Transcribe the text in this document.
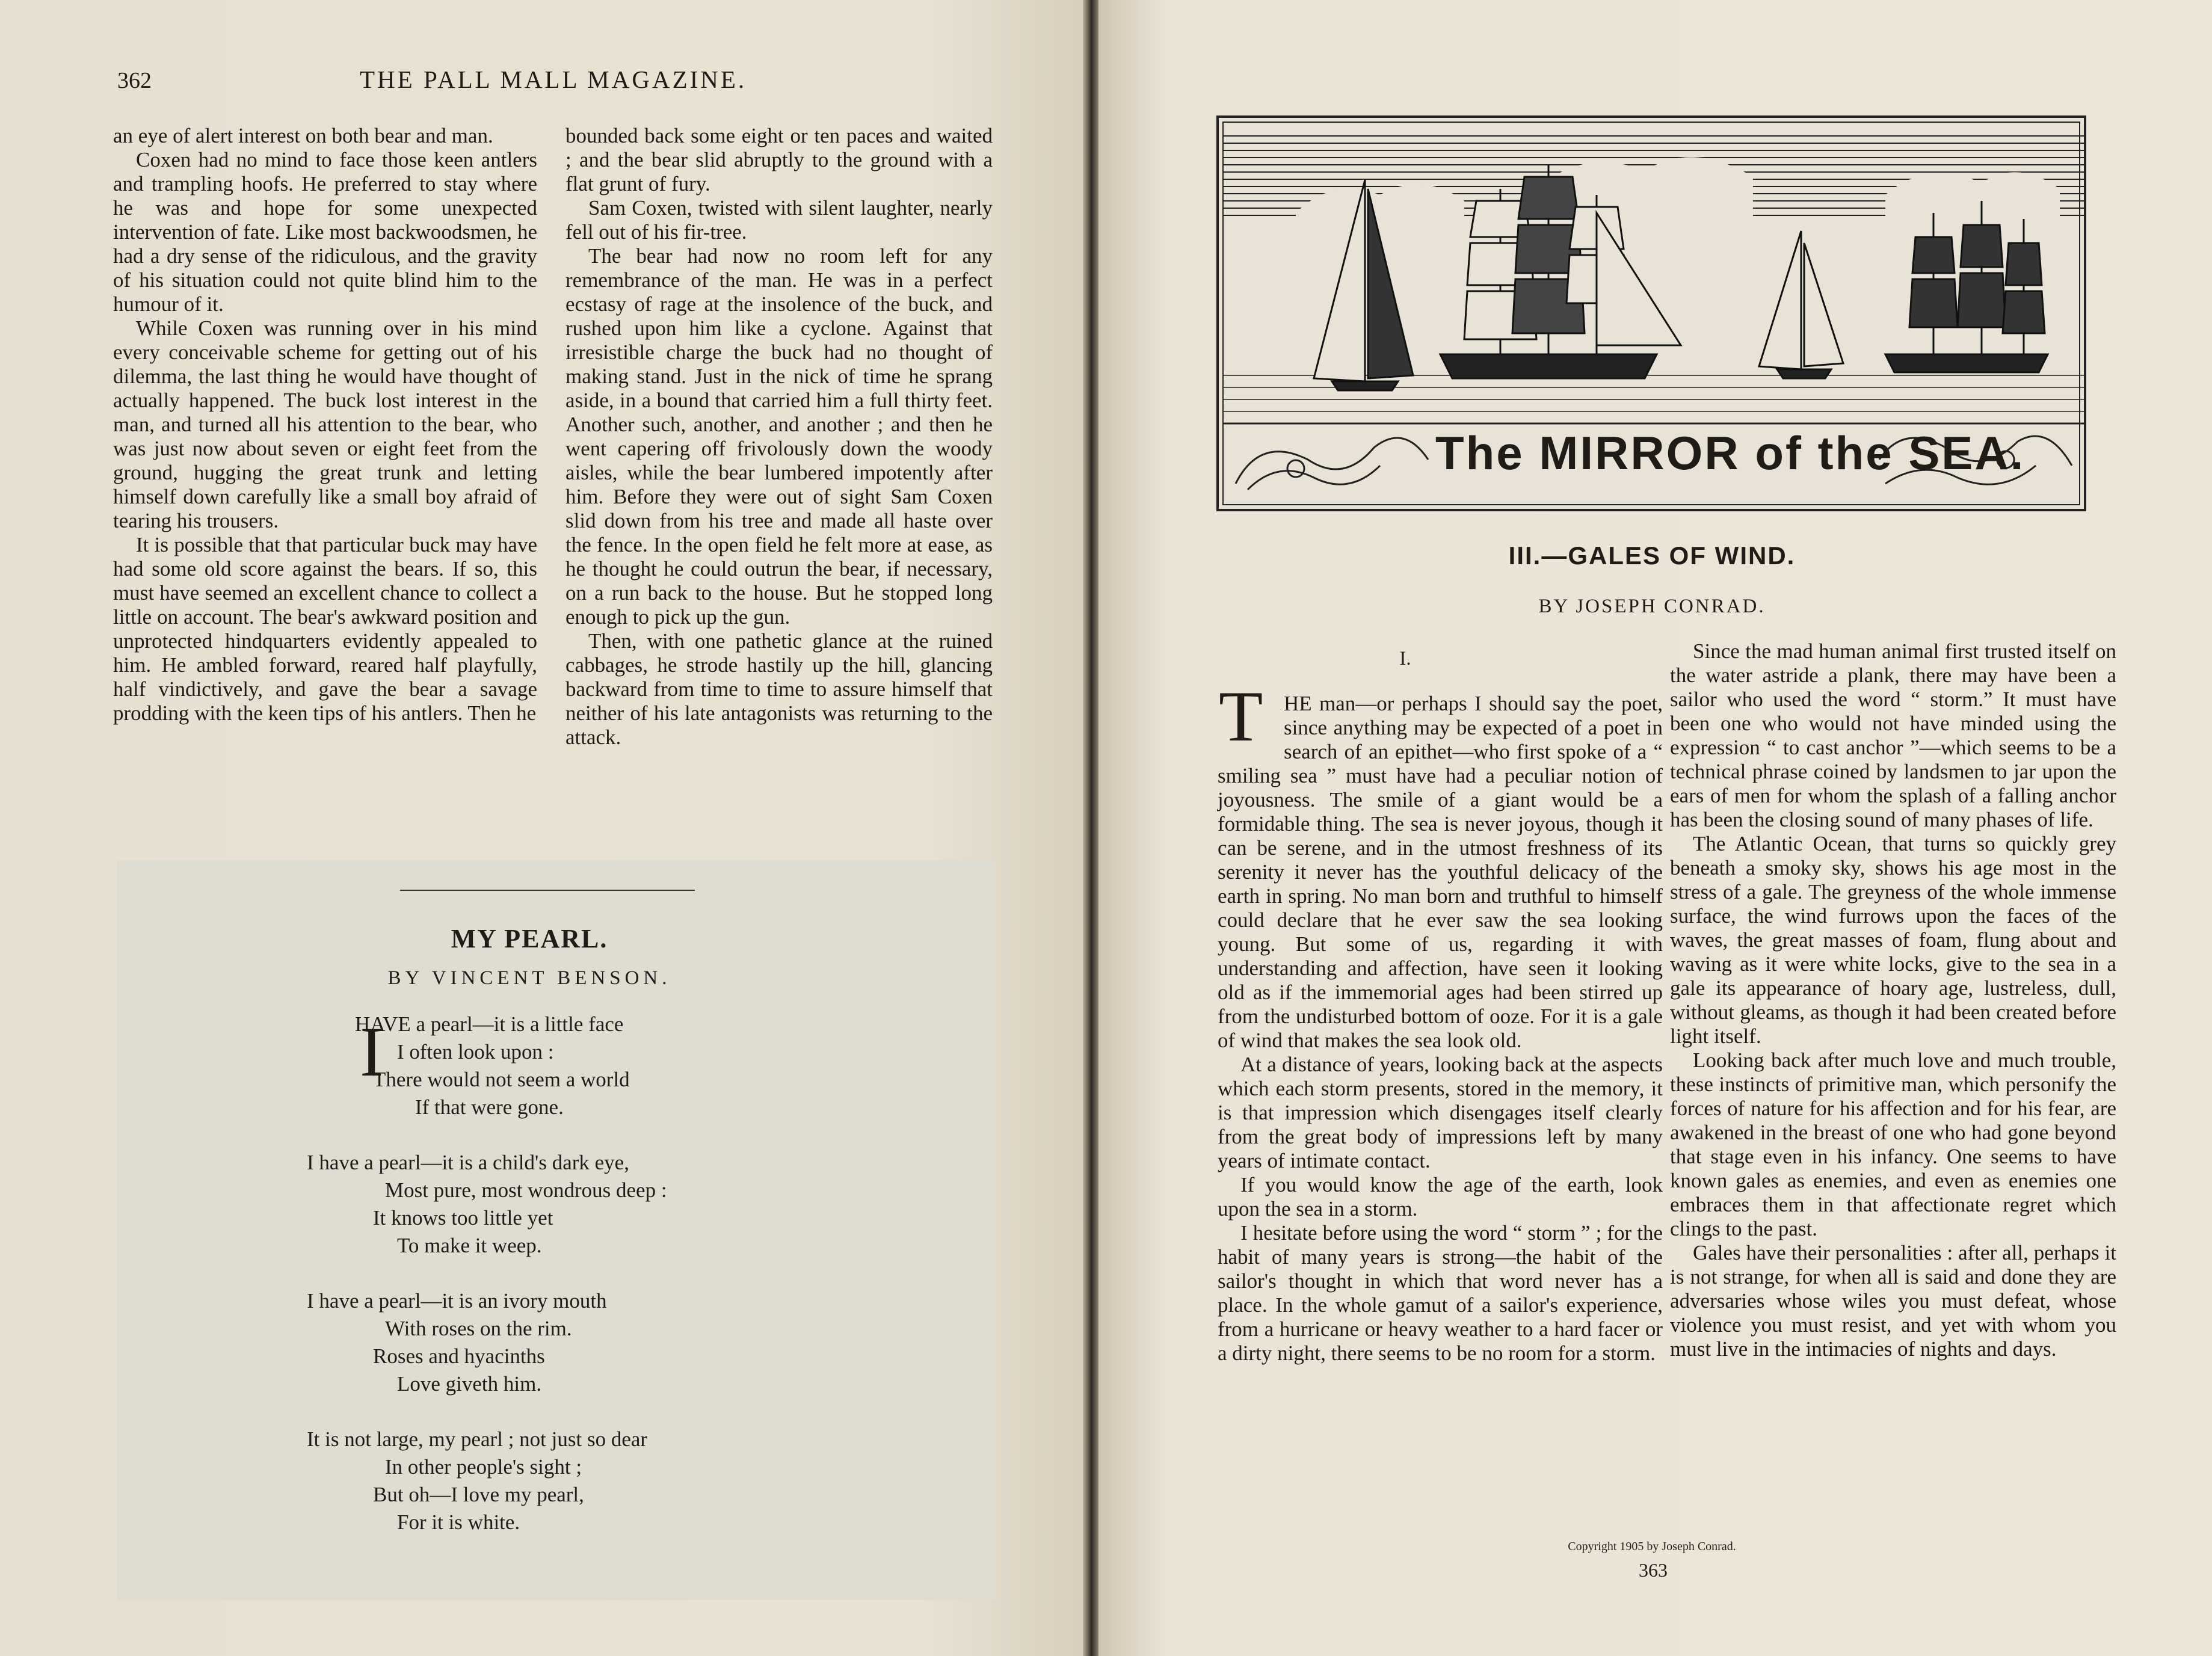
362	THE PALL MALL MAGAZINE.

an eye of alert interest on both bear and man.

Coxen had no mind to face those keen antlers and trampling hoofs. He preferred to stay where he was and hope for some unexpected intervention of fate. Like most backwoodsmen, he had a dry sense of the ridiculous, and the gravity of his situation could not quite blind him to the humour of it.

While Coxen was running over in his mind every conceivable scheme for getting out of his dilemma, the last thing he would have thought of actually happened. The buck lost interest in the man, and turned all his attention to the bear, who was just now about seven or eight feet from the ground, hugging the great trunk and letting himself down carefully like a small boy afraid of tearing his trousers.

It is possible that that particular buck may have had some old score against the bears. If so, this must have seemed an excellent chance to collect a little on account. The bear's awkward position and unprotected hindquarters evidently appealed to him. He ambled forward, reared half playfully, half vindictively, and gave the bear a savage prodding with the keen tips of his antlers. Then he

bounded back some eight or ten paces and waited ; and the bear slid abruptly to the ground with a flat grunt of fury.

Sam Coxen, twisted with silent laughter, nearly fell out of his fir-tree.

The bear had now no room left for any remembrance of the man. He was in a perfect ecstasy of rage at the insolence of the buck, and rushed upon him like a cyclone. Against that irresistible charge the buck had no thought of making stand. Just in the nick of time he sprang aside, in a bound that carried him a full thirty feet. Another such, another, and another ; and then he went capering off frivolously down the woody aisles, while the bear lumbered impotently after him. Before they were out of sight Sam Coxen slid down from his tree and made all haste over the fence. In the open field he felt more at ease, as he thought he could outrun the bear, if necessary, on a run back to the house. But he stopped long enough to pick up the gun.

Then, with one pathetic glance at the ruined cabbages, he strode hastily up the hill, glancing backward from time to time to assure himself that neither of his late antagonists was returning to the attack.

MY PEARL.
BY VINCENT BENSON.
I
HAVE a pearl—it is a little face
I often look upon :
There would not seem a world
If that were gone.
I have a pearl—it is a child's dark eye,
Most pure, most wondrous deep :
It knows too little yet
To make it weep.
I have a pearl—it is an ivory mouth
With roses on the rim.
Roses and hyacinths
Love giveth him.
It is not large, my pearl ; not just so dear
In other people's sight ;
But oh—I love my pearl,
For it is white.
The MIRROR of the SEA.
III.—GALES OF WIND.
BY JOSEPH CONRAD.
I.
T HE man—or perhaps I should say the poet, since anything may be expected of a poet in search of an epithet—who first spoke of a “ smiling sea ” must have had a peculiar notion of joyousness. The smile of a giant would be a formidable thing. The sea is never joyous, though it can be serene, and in the utmost freshness of its serenity it never has the youthful delicacy of the earth in spring. No man born and truthful to himself could declare that he ever saw the sea looking young. But some of us, regarding it with understanding and affection, have seen it looking old as if the immemorial ages had been stirred up from the undisturbed bottom of ooze. For it is a gale of wind that makes the sea look old.

At a distance of years, looking back at the aspects which each storm presents, stored in the memory, it is that impression which disengages itself clearly from the great body of impressions left by many years of intimate contact.

If you would know the age of the earth, look upon the sea in a storm.

I hesitate before using the word “ storm ” ; for the habit of many years is strong—the habit of the sailor's thought in which that word never has a place. In the whole gamut of a sailor's experience, from a hurricane or heavy weather to a hard facer or a dirty night, there seems to be no room for a storm.

Since the mad human animal first trusted itself on the water astride a plank, there may have been a sailor who used the word “ storm.” It must have been one who would not have minded using the expression “ to cast anchor ”—which seems to be a technical phrase coined by landsmen to jar upon the ears of men for whom the splash of a falling anchor has been the closing sound of many phases of life.

The Atlantic Ocean, that turns so quickly grey beneath a smoky sky, shows his age most in the stress of a gale. The greyness of the whole immense surface, the wind furrows upon the faces of the waves, the great masses of foam, flung about and waving as it were white locks, give to the sea in a gale its appearance of hoary age, lustreless, dull, without gleams, as though it had been created before light itself.

Looking back after much love and much trouble, these instincts of primitive man, which personify the forces of nature for his affection and for his fear, are awakened in the breast of one who had gone beyond that stage even in his infancy. One seems to have known gales as enemies, and even as enemies one embraces them in that affectionate regret which clings to the past.

Gales have their personalities : after all, perhaps it is not strange, for when all is said and done they are adversaries whose wiles you must defeat, whose violence you must resist, and yet with whom you must live in the intimacies of nights and days.

Copyright 1905 by Joseph Conrad.
363
